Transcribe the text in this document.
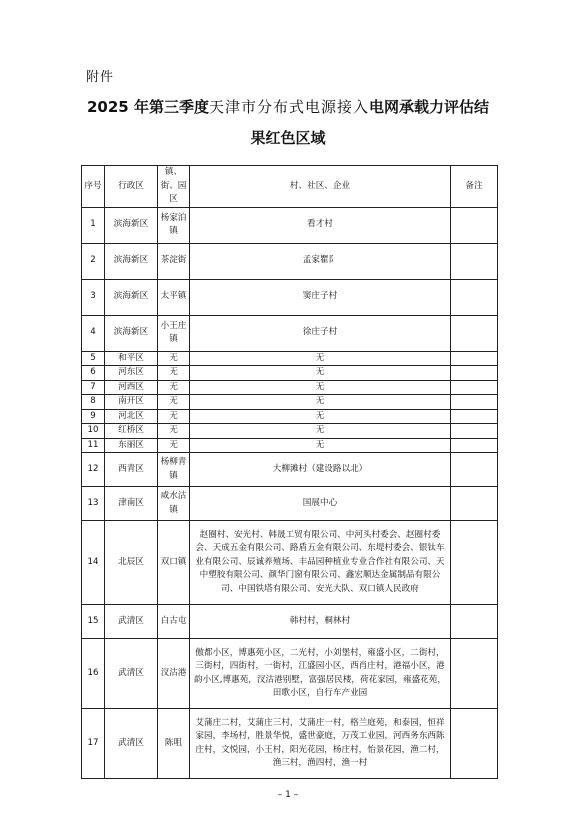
附件
2025 年第三季度天津市分布式电源接入电网承载力评估结
果红色区域
序号	行政区	镇、街、园区	村、社区、企业	备注
1	滨海新区	杨家泊镇	看才村	
2	滨海新区	茶淀街	孟家瞿阝	
3	滨海新区	太平镇	窦庄子村	
4	滨海新区	小王庄镇	徐庄子村	
5	和平区	无	无	
6	河东区	无	无	
7	河西区	无	无	
8	南开区	无	无	
9	河北区	无	无	
10	红桥区	无	无	
11	东丽区	无	无	
12	西青区	杨柳青镇	大柳滩村（建设路以北）	
13	津南区	咸水沽镇	国展中心	
14	北辰区	双口镇	赵圈村、安光村、韩晟工贸有限公司、中河头村委会、赵圈村委会、天成五金有限公司、路盾五金有限公司、东堤村委会、银钛车业有限公司、辰诚养殖场、丰品园种植业专业合作社有限公司、天中塑胶有限公司、颜华门窗有限公司、鑫宏顺达金属制品有限公司、中国铁塔有限公司、安光大队、双口镇人民政府	
15	武清区	白古屯	韩村村，桐林村	
16	武清区	汊沽港	傲都小区，博惠苑小区，二光村，小刘堡村，雍盛小区，二街村，三街村，四街村，一街村，江盛园小区，西肖庄村，港福小区，港韵小区,博惠苑，汊沽港别墅，富强居民楼，荷花家园，雍盛花苑，田歌小区，自行车产业园	
17	武清区	陈咀	艾蒲庄二村，艾蒲庄三村，艾蒲庄一村，格兰庭苑，和泰园，恒祥家园，李场村，胜景华悦，盛世豪庭，万茂工业园，河西务东西陈庄村，文悦园，小王村，阳光花园，杨庄村，怡景花园，渔二村，渔三村，渔四村，渔一村	
– 1 –
